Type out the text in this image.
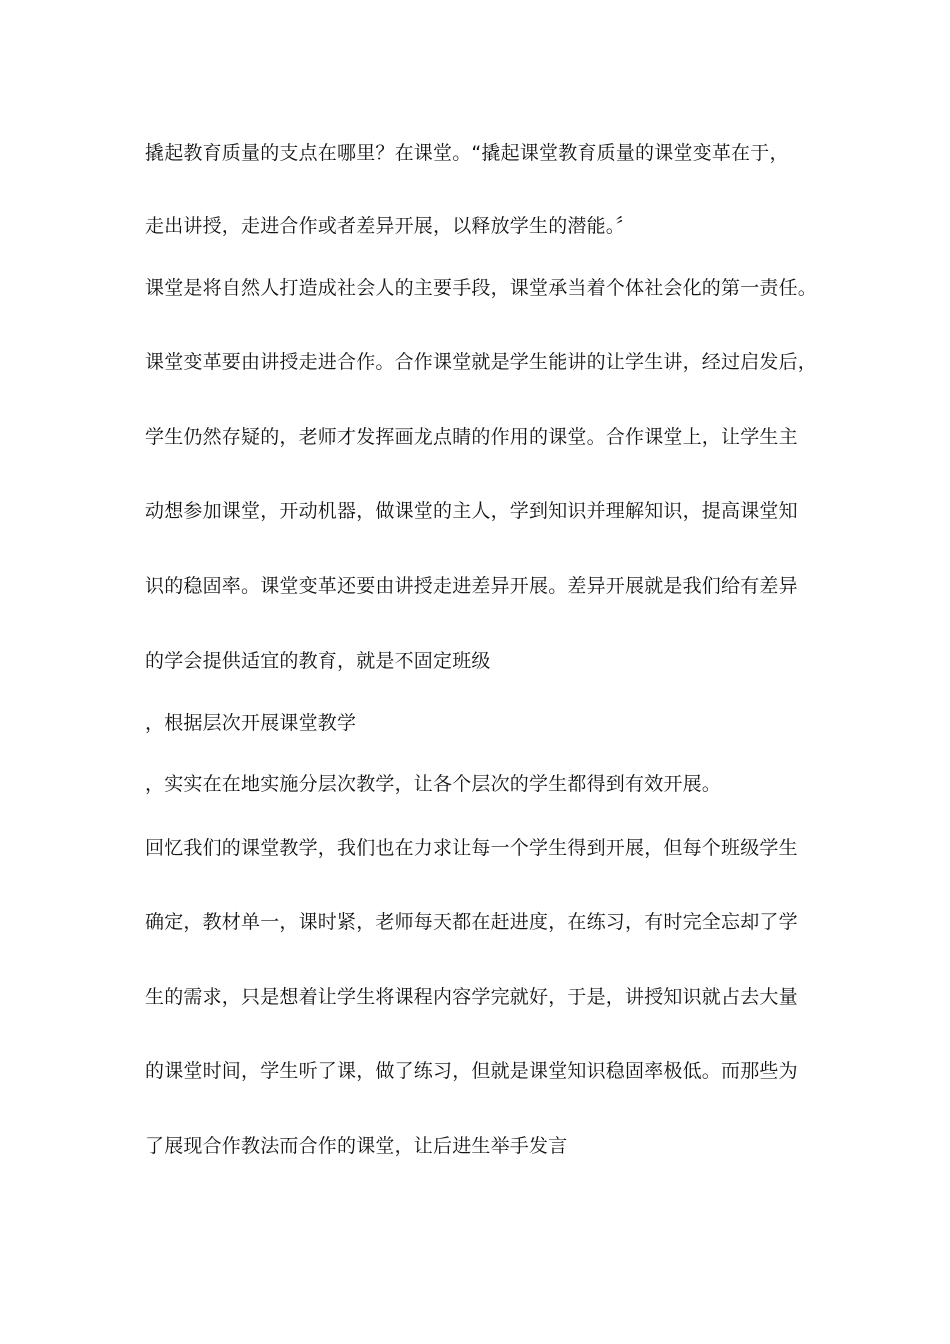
撬起教育质量的支点在哪里？在课堂。“撬起课堂教育质量的课堂变革在于，
走出讲授，走进合作或者差异开展，以释放学生的潜能。〞
课堂是将自然人打造成社会人的主要手段，课堂承当着个体社会化的第一责任。
课堂变革要由讲授走进合作。合作课堂就是学生能讲的让学生讲，经过启发后，
学生仍然存疑的，老师才发挥画龙点睛的作用的课堂。合作课堂上，让学生主
动想参加课堂，开动机器，做课堂的主人，学到知识并理解知识，提高课堂知
识的稳固率。课堂变革还要由讲授走进差异开展。差异开展就是我们给有差异
的学会提供适宜的教育，就是不固定班级
，根据层次开展课堂教学
，实实在在地实施分层次教学，让各个层次的学生都得到有效开展。
回忆我们的课堂教学，我们也在力求让每一个学生得到开展，但每个班级学生
确定，教材单一，课时紧，老师每天都在赶进度，在练习，有时完全忘却了学
生的需求，只是想着让学生将课程内容学完就好，于是，讲授知识就占去大量
的课堂时间，学生听了课，做了练习，但就是课堂知识稳固率极低。而那些为
了展现合作教法而合作的课堂，让后进生举手发言
